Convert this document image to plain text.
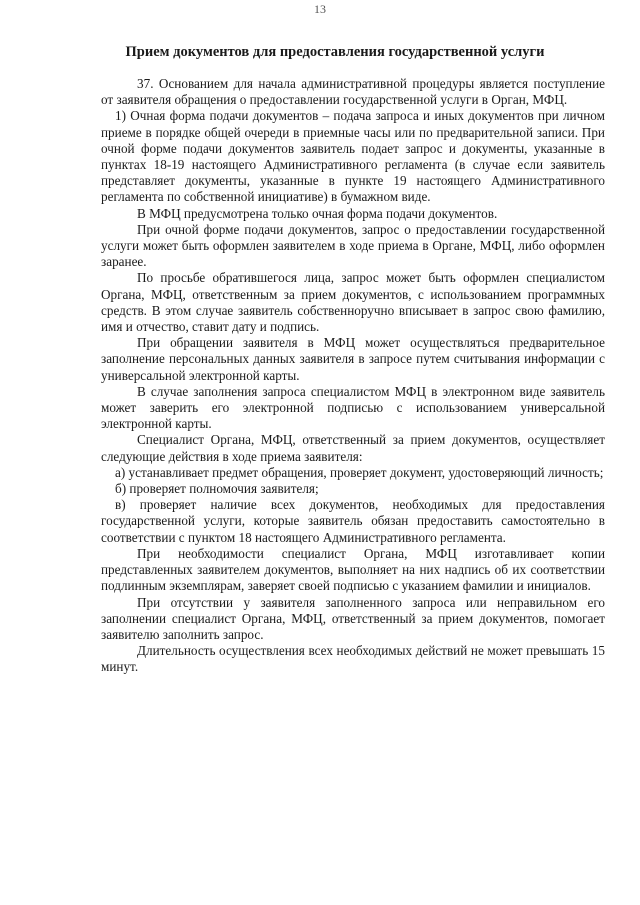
13
Прием документов для предоставления государственной услуги

37. Основанием для начала административной процедуры является поступление от заявителя обращения о предоставлении государственной услуги в Орган, МФЦ.

1) Очная форма подачи документов – подача запроса и иных документов при личном приеме в порядке общей очереди в приемные часы или по предварительной записи. При очной форме подачи документов заявитель подает запрос и документы, указанные в пунктах 18-19 настоящего Административного регламента (в случае если заявитель представляет документы, указанные в пункте 19 настоящего Административного регламента по собственной инициативе) в бумажном виде.

В МФЦ предусмотрена только очная форма подачи документов.

При очной форме подачи документов, запрос о предоставлении государственной услуги может быть оформлен заявителем в ходе приема в Органе, МФЦ, либо оформлен заранее.

По просьбе обратившегося лица, запрос может быть оформлен специалистом Органа, МФЦ, ответственным за прием документов, с использованием программных средств. В этом случае заявитель собственноручно вписывает в запрос свою фамилию, имя и отчество, ставит дату и подпись.

При обращении заявителя в МФЦ может осуществляться предварительное заполнение персональных данных заявителя в запросе путем считывания информации с универсальной электронной карты.

В случае заполнения запроса специалистом МФЦ в электронном виде заявитель может заверить его электронной подписью с использованием универсальной электронной карты.

Специалист Органа, МФЦ, ответственный за прием документов, осуществляет следующие действия в ходе приема заявителя:

а) устанавливает предмет обращения, проверяет документ, удостоверяющий личность;

б) проверяет полномочия заявителя;

в) проверяет наличие всех документов, необходимых для предоставления государственной услуги, которые заявитель обязан предоставить самостоятельно в соответствии с пунктом 18 настоящего Административного регламента.

При необходимости специалист Органа, МФЦ изготавливает копии представленных заявителем документов, выполняет на них надпись об их соответствии подлинным экземплярам, заверяет своей подписью с указанием фамилии и инициалов.

При отсутствии у заявителя заполненного запроса или неправильном его заполнении специалист Органа, МФЦ, ответственный за прием документов, помогает заявителю заполнить запрос.

Длительность осуществления всех необходимых действий не может превышать 15 минут.
